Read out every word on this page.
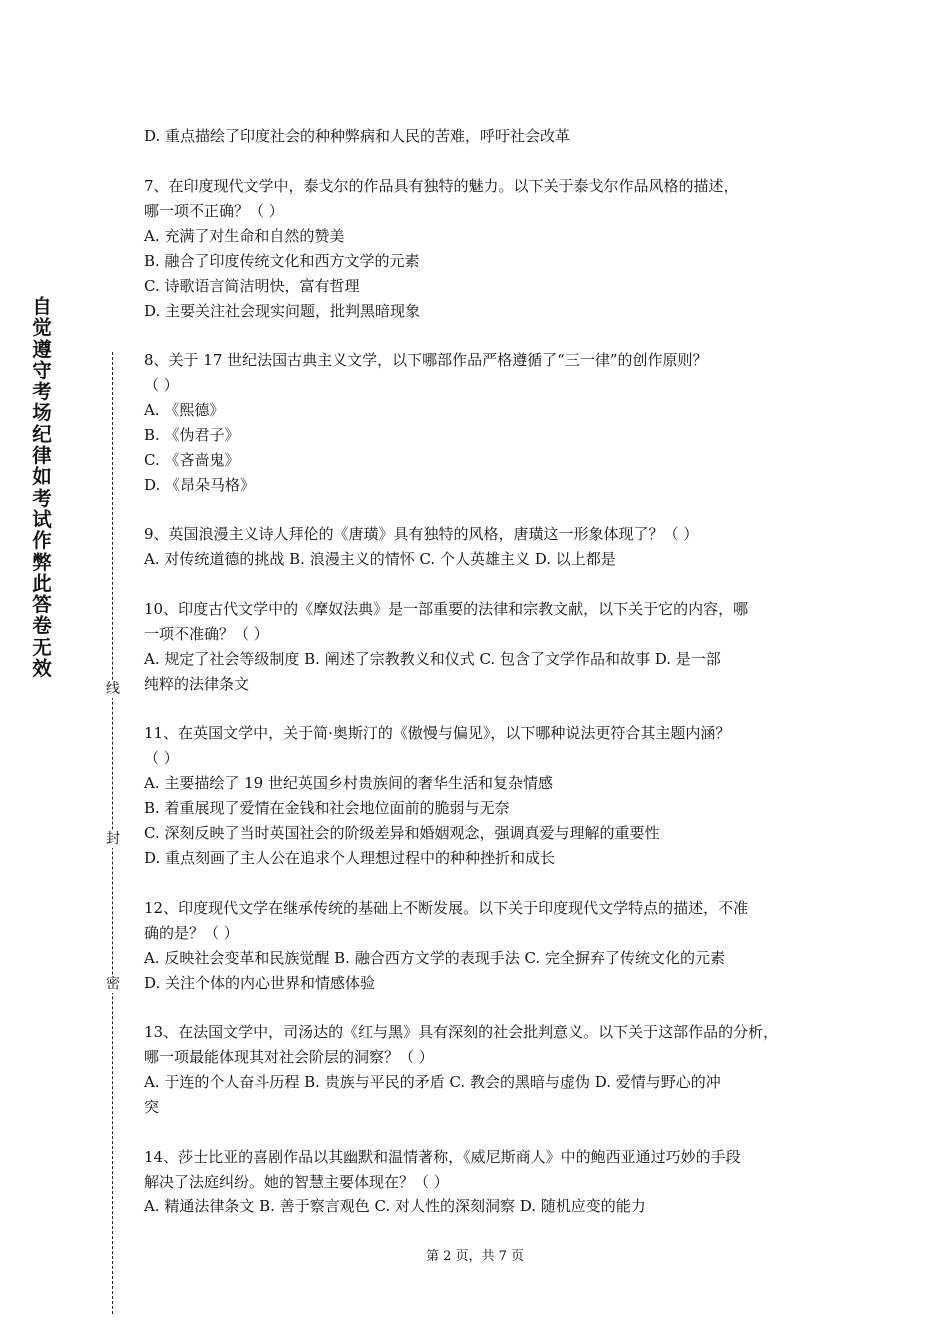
自觉遵守考场纪律如考试作弊此答卷无效
线
封
密
D. 重点描绘了印度社会的种种弊病和人民的苦难，呼吁社会改革
7、在印度现代文学中，泰戈尔的作品具有独特的魅力。以下关于泰戈尔作品风格的描述，
哪一项不正确？（ ）
A. 充满了对生命和自然的赞美
B. 融合了印度传统文化和西方文学的元素
C. 诗歌语言简洁明快，富有哲理
D. 主要关注社会现实问题，批判黑暗现象
8、关于 17 世纪法国古典主义文学，以下哪部作品严格遵循了“三一律”的创作原则？
（ ）
A. 《熙德》
B. 《伪君子》
C. 《吝啬鬼》
D. 《昂朵马格》
9、英国浪漫主义诗人拜伦的《唐璜》具有独特的风格，唐璜这一形象体现了？（ ）
A. 对传统道德的挑战 B. 浪漫主义的情怀 C. 个人英雄主义 D. 以上都是
10、印度古代文学中的《摩奴法典》是一部重要的法律和宗教文献，以下关于它的内容，哪
一项不准确？（ ）
A. 规定了社会等级制度 B. 阐述了宗教教义和仪式 C. 包含了文学作品和故事 D. 是一部
纯粹的法律条文
11、在英国文学中，关于简·奥斯汀的《傲慢与偏见》，以下哪种说法更符合其主题内涵？
（ ）
A. 主要描绘了 19 世纪英国乡村贵族间的奢华生活和复杂情感
B. 着重展现了爱情在金钱和社会地位面前的脆弱与无奈
C. 深刻反映了当时英国社会的阶级差异和婚姻观念，强调真爱与理解的重要性
D. 重点刻画了主人公在追求个人理想过程中的种种挫折和成长
12、印度现代文学在继承传统的基础上不断发展。以下关于印度现代文学特点的描述，不准
确的是？（ ）
A. 反映社会变革和民族觉醒 B. 融合西方文学的表现手法 C. 完全摒弃了传统文化的元素
D. 关注个体的内心世界和情感体验
13、在法国文学中，司汤达的《红与黑》具有深刻的社会批判意义。以下关于这部作品的分析，
哪一项最能体现其对社会阶层的洞察？（ ）
A. 于连的个人奋斗历程 B. 贵族与平民的矛盾 C. 教会的黑暗与虚伪 D. 爱情与野心的冲
突
14、莎士比亚的喜剧作品以其幽默和温情著称，《威尼斯商人》中的鲍西亚通过巧妙的手段
解决了法庭纠纷。她的智慧主要体现在？（ ）
A. 精通法律条文 B. 善于察言观色 C. 对人性的深刻洞察 D. 随机应变的能力
第 2 页，共 7 页
